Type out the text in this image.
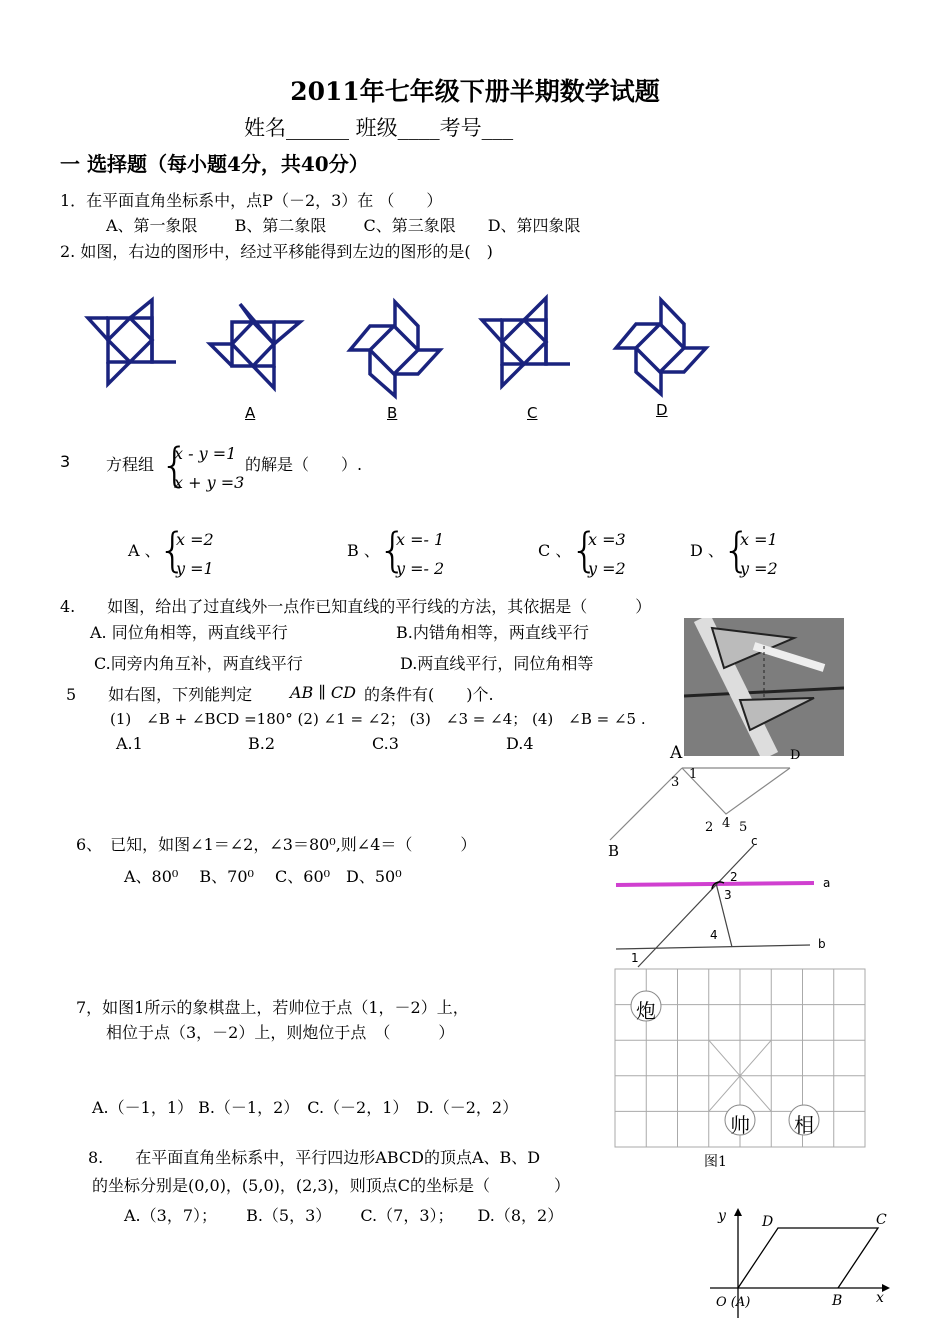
2011年七年级下册半期数学试题
姓名______ 班级____考号___
一 选择题（每小题4分，共40分）
1．在平面直角坐标系中，点P（－2，3）在 （　　）
A、第一象限　　 B、第二象限　　 C、第三象限　　D、第四象限
2. 如图，右边的图形中，经过平移能得到左边的图形的是(　)
A	B	C	D
3 方程组 {
x - y =1
x + y =3
的解是（　　）.
A 、
{
x =2
y =1
B 、
{
x =- 1
y =- 2
C 、
{
x =3
y =2
D 、
{
x =1
y =2
4.　　如图，给出了过直线外一点作已知直线的平行线的方法，其依据是（　　　）
A. 同位角相等，两直线平行	B.内错角相等，两直线平行
C.同旁内角互补，两直线平行	D.两直线平行，同位角相等
5　　如右图，下列能判定 AB ∥ CD 的条件有(　　)个.
(1)　∠B + ∠BCD =180° (2) ∠1 = ∠2； (3)　∠3 = ∠4； (4)　∠B = ∠5 .
A.1	B.2	C.3	D.4	A	D
3
1
2 4 5
B
6、　已知，如图∠1＝∠2，∠3＝80⁰,则∠4＝（　　　）
A、80⁰　 B、70⁰　 C、60⁰　D、50⁰
c
2
3
a
4
b
1
7，如图1所示的象棋盘上，若帅位于点（1，－2）上，
相位于点（3，－2）上，则炮位于点　（　　　）
A.（－1，1） B.（－1，2）　C.（－2，1）　D.（－2，2）
炮
帅 相
图1
8.　　在平面直角坐标系中，平行四边形ABCD的顶点A、B、D
的坐标分别是(0,0)，(5,0)，(2,3)，则顶点C的坐标是（　　　　）
A.（3，7）；　　 B.（5，3）　　 C.（7，3）；　　D.（8，2）	y	D	C
O (A)	B x
